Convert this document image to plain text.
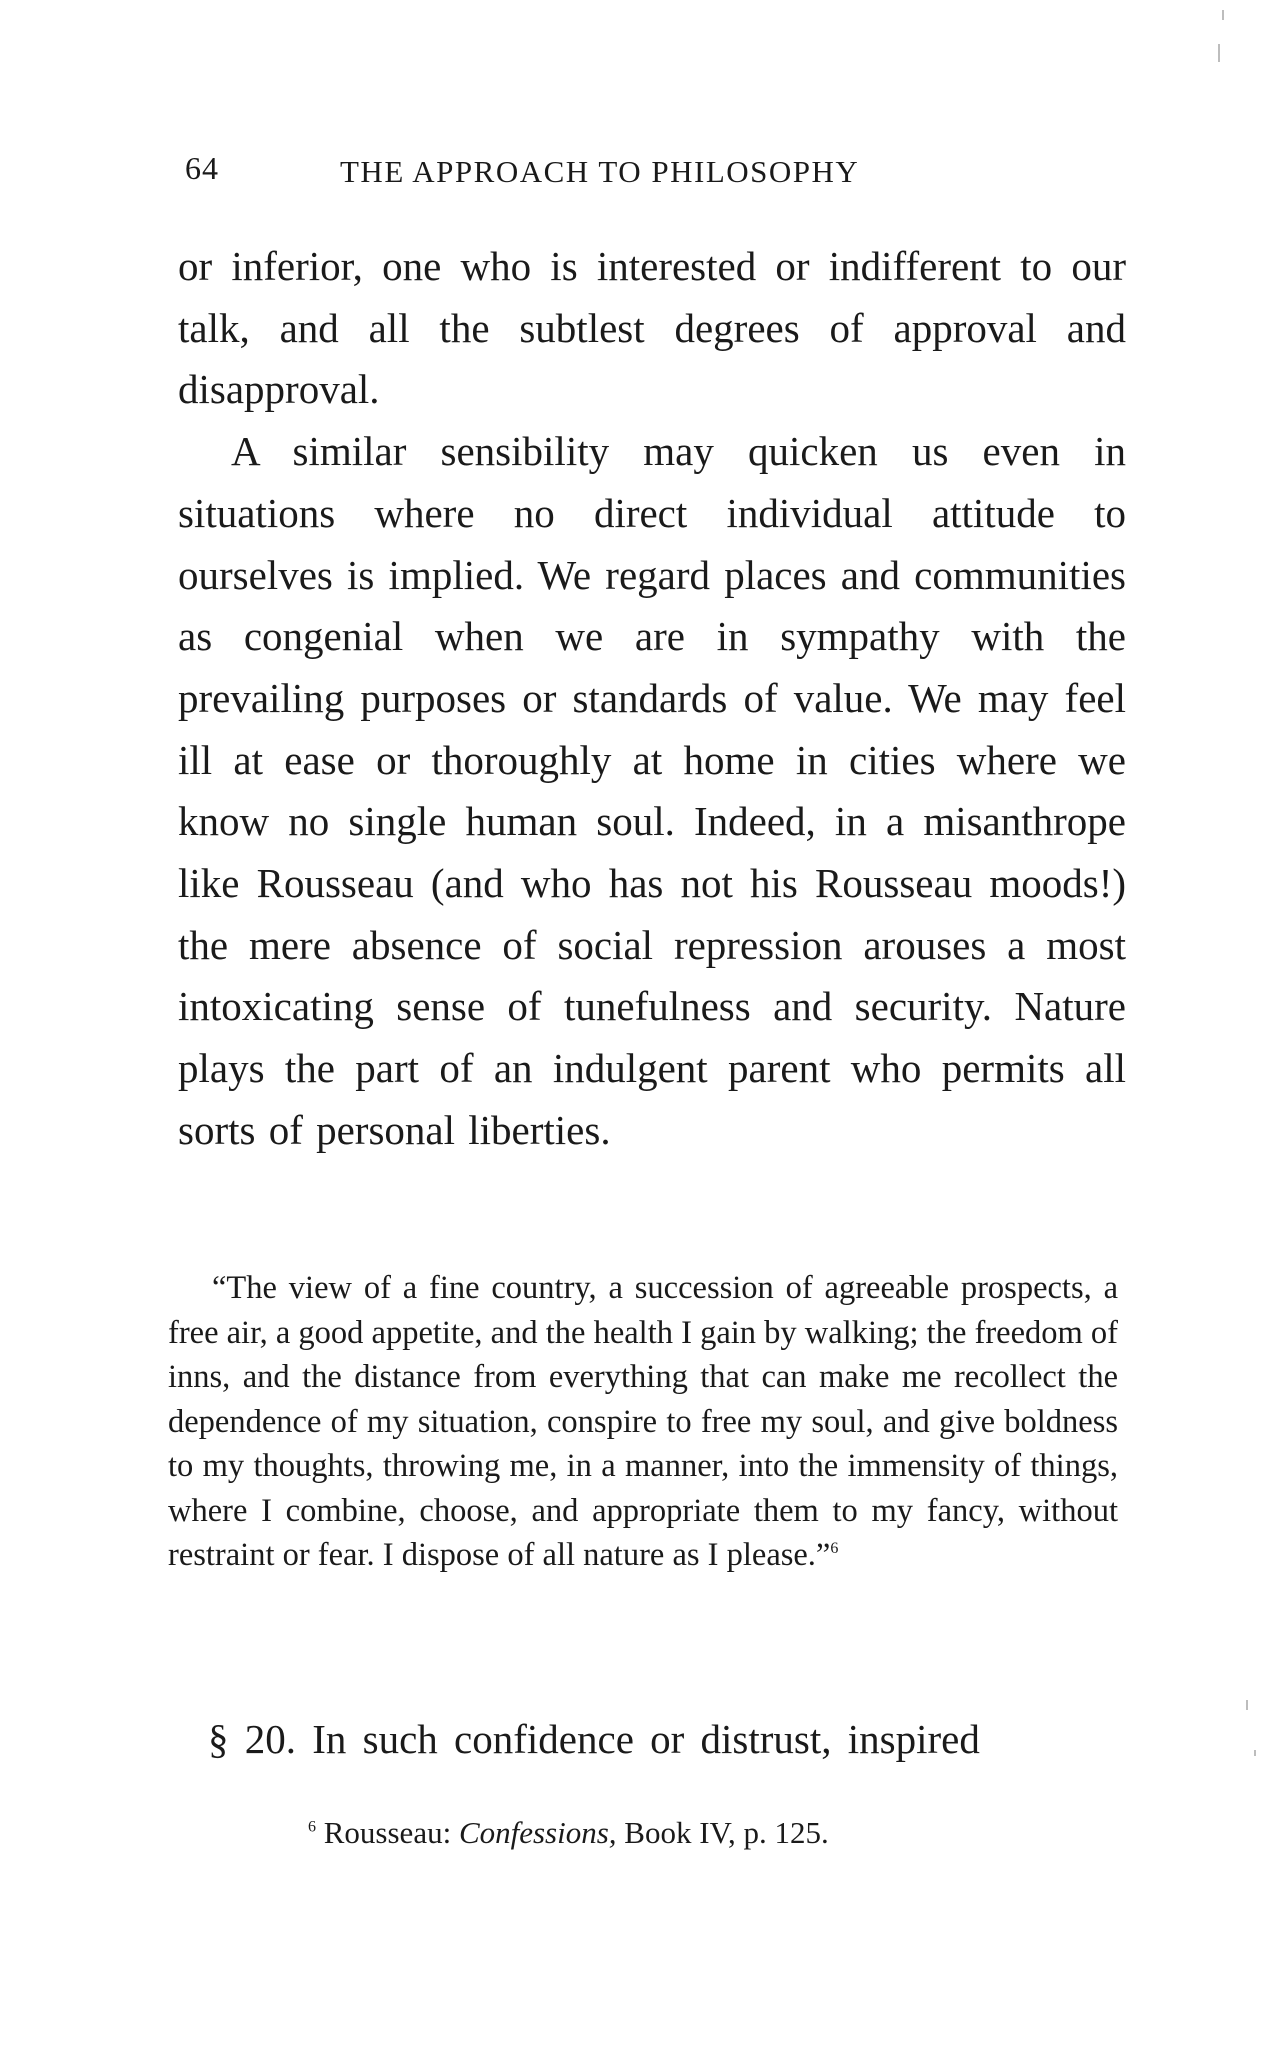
64	THE APPROACH TO PHILOSOPHY

or inferior, one who is interested or indifferent to our talk, and all the subtlest degrees of approval and disapproval.

A similar sensibility may quicken us even in situations where no direct individual attitude to ourselves is implied. We regard places and communities as congenial when we are in sympathy with the prevailing purposes or standards of value. We may feel ill at ease or thoroughly at home in cities where we know no single human soul. Indeed, in a misanthrope like Rousseau (and who has not his Rousseau moods!) the mere absence of social repression arouses a most intoxicating sense of tunefulness and security. Nature plays the part of an indulgent parent who permits all sorts of personal liberties.

“The view of a fine country, a succession of agreeable prospects, a free air, a good appetite, and the health I gain by walking; the freedom of inns, and the distance from everything that can make me recollect the dependence of my situation, conspire to free my soul, and give boldness to my thoughts, throwing me, in a manner, into the immensity of things, where I combine, choose, and appropriate them to my fancy, without restraint or fear. I dispose of all nature as I please.”$^6$
§ 20. In such confidence or distrust, inspired
$^6$ Rousseau: Confessions, Book IV, p. 125.
